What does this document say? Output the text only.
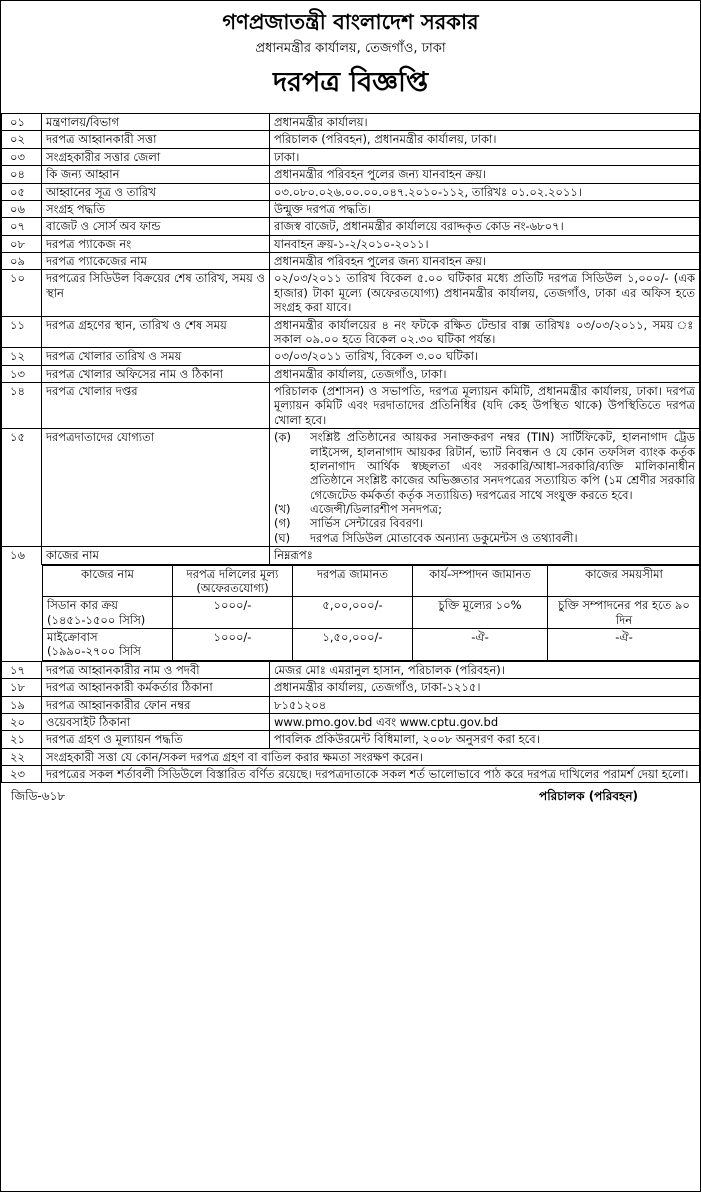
গণপ্রজাতন্ত্রী বাংলাদেশ সরকার
প্রধানমন্ত্রীর কার্যালয়, তেজগাঁও, ঢাকা
দরপত্র বিজ্ঞপ্তি
০১	মন্ত্রণালয়/বিভাগ	প্রধানমন্ত্রীর কার্যালয়।
০২	দরপত্র আহ্বানকারী সত্তা	পরিচালক (পরিবহন), প্রধানমন্ত্রীর কার্যালয়, ঢাকা।
০৩	সংগ্রহকারীর সত্তার জেলা	ঢাকা।
০৪	কি জন্য আহ্বান	প্রধানমন্ত্রীর পরিবহন পুলের জন্য যানবাহন ক্রয়।
০৫	আহ্বানের সূত্র ও তারিখ	০৩.০৮০.০২৬.০০.০০.০৪৭.২০১০-১১২, তারিখঃ ০১.০২.২০১১।
০৬	সংগ্রহ পদ্ধতি	উন্মুক্ত দরপত্র পদ্ধতি।
০৭	বাজেট ও সোর্স অব ফান্ড	রাজস্ব বাজেট, প্রধানমন্ত্রীর কার্যালয়ে বরাদ্দকৃত কোড নং-৬৮০৭।
০৮	দরপত্র প্যাকেজ নং	যানবাহন ক্রয়-১-২/২০১০-২০১১।
০৯	দরপত্র প্যাকেজের নাম	প্রধানমন্ত্রীর পরিবহন পুলের জন্য যানবাহন ক্রয়।
১০	দরপত্রের সিডিউল বিক্রয়ের শেষ তারিখ, সময় ও স্থান	০২/০৩/২০১১ তারিখ বিকেল ৫.০০ ঘটিকার মধ্যে প্রতিটি দরপত্র সিডিউল ১,০০০/- (এক হাজার) টাকা মূল্যে (অফেরতযোগ্য) প্রধানমন্ত্রীর কার্যালয়, তেজগাঁও, ঢাকা এর অফিস হতে সংগ্রহ করা যাবে।
১১	দরপত্র গ্রহণের স্থান, তারিখ ও শেষ সময়	প্রধানমন্ত্রীর কার্যালয়ের ৪ নং ফটকে রক্ষিত টেন্ডার বাক্স তারিখঃ ০৩/০৩/২০১১, সময় ঃ সকাল ০৯.০০ হতে বিকেল ০২.৩০ ঘটিকা পর্যন্ত।
১২	দরপত্র খোলার তারিখ ও সময়	০৩/০৩/২০১১ তারিখ, বিকেল ৩.০০ ঘটিকা।
১৩	দরপত্র খোলার অফিসের নাম ও ঠিকানা	প্রধানমন্ত্রীর কার্যালয়, তেজগাঁও, ঢাকা।
১৪	দরপত্র খোলার দপ্তর	পরিচালক (প্রশাসন) ও সভাপতি, দরপত্র মূল্যায়ন কমিটি, প্রধানমন্ত্রীর কার্যালয়, ঢাকা। দরপত্র মূল্যায়ন কমিটি এবং দরদাতাদের প্রতিনিধির (যদি কেহ উপস্থিত থাকে) উপস্থিতিতে দরপত্র খোলা হবে।
১৫	দরপত্রদাতাদের যোগ্যতা	(ক)	সংশ্লিষ্ট প্রতিষ্ঠানের আয়কর সনাক্তকরণ নম্বর (TIN) সার্টিফিকেট, হালনাগাদ ট্রেড লাইসেন্স, হালনাগাদ আয়কর রিটার্ন, ভ্যাট নিবন্ধন ও যে কোন তফসিল ব্যাংক কর্তৃক হালনাগাদ আর্থিক স্বচ্ছলতা এবং সরকারি/আধা-সরকারি/ব্যক্তি মালিকানাধীন প্রতিষ্ঠানে সংশ্লিষ্ট কাজের অভিজ্ঞতার সনদপত্রের সত্যায়িত কপি (১ম শ্রেণীর সরকারি গেজেটেড কর্মকর্তা কর্তৃক সত্যায়িত) দরপত্রের সাথে সংযুক্ত করতে হবে।
(খ)	এজেন্সী/ডিলারশীপ সনদপত্র;
(গ)	সার্ভিস সেন্টারের বিবরণ।
(ঘ)	দরপত্র সিডিউল মোতাবেক অন্যান্য ডকুমেন্টস ও তথ্যাবলী।

১৬	কাজের নাম	নিম্নরূপঃ

কাজের নাম	দরপত্র দলিলের মূল্য (অফেরতযোগ্য)	দরপত্র জামানত	কার্য-সম্পাদন জামানত	কাজের সময়সীমা
সিডান কার ক্রয় (১৪৫১-১৫০০ সিসি)	১০০০/-	৫,০০,০০০/-	চুক্তি মূল্যের ১০%	চুক্তি সম্পাদনের পর হতে ৯০ দিন
মাইক্রোবাস (১৯৯০-২৭০০ সিসি	১০০০/-	১,৫০,০০০/-	-ঐ-	-ঐ-

১৭	দরপত্র আহ্বানকারীর নাম ও পদবী	মেজর মোঃ এমরানুল হাসান, পরিচালক (পরিবহন)।
১৮	দরপত্র আহ্বানকারী কর্মকর্তার ঠিকানা	প্রধানমন্ত্রীর কার্যালয়, তেজগাঁও, ঢাকা-১২১৫।
১৯	দরপত্র আহ্বানকারীর ফোন নম্বর	৮১৫১২০৪
২০	ওয়েবসাইট ঠিকানা	www.pmo.gov.bd এবং www.cptu.gov.bd
২১	দরপত্র গ্রহণ ও মূল্যায়ন পদ্ধতি	পাবলিক প্রকিউরমেন্ট বিধিমালা, ২০০৮ অনুসরণ করা হবে।
২২	সংগ্রহকারী সত্তা যে কোন/সকল দরপত্র গ্রহণ বা বাতিল করার ক্ষমতা সংরক্ষণ করেন।
২৩	দরপত্রের সকল শর্তাবলী সিডিউলে বিস্তারিত বর্ণিত রয়েছে। দরপত্রদাতাকে সকল শর্ত ভালোভাবে পাঠ করে দরপত্র দাখিলের পরামর্শ দেয়া হলো।
জিডি-৬১৮	পরিচালক (পরিবহন)
